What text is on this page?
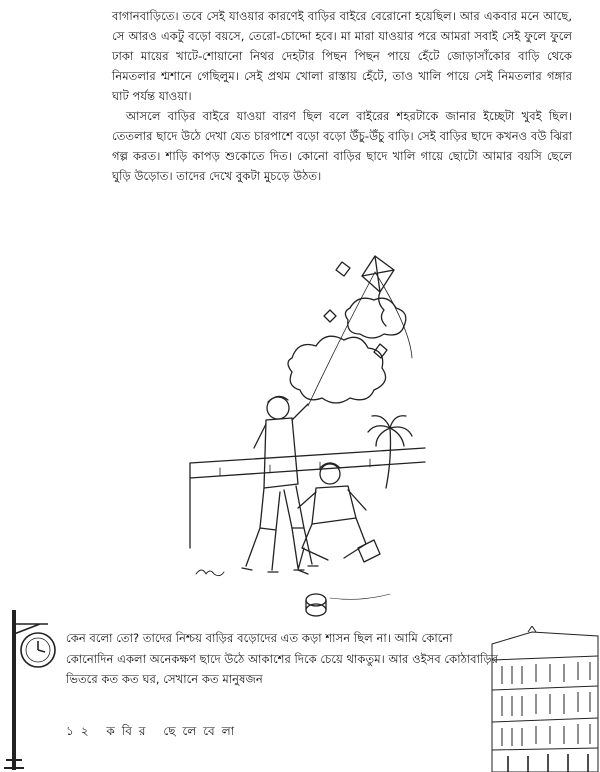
বাগানবাড়িতে। তবে সেই যাওয়ার কারণেই বাড়ির বাইরে বেরোনো হয়েছিল। আর একবার মনে আছে, সে আরও একটু বড়ো বয়সে, তেরো-চোদ্দো হবে। মা মারা যাওয়ার পরে আমরা সবাই সেই ফুলে ফুলে ঢাকা মায়ের খাটে-শোয়ানো নিথর দেহটার পিছন পিছন পায়ে হেঁটে জোড়াসাঁকোর বাড়ি থেকে নিমতলার শ্মশানে গেছিলুম। সেই প্রথম খোলা রাস্তায় হেঁটে, তাও খালি পায়ে সেই নিমতলার গঙ্গার ঘাট পর্যন্ত যাওয়া।

আসলে বাড়ির বাইরে যাওয়া বারণ ছিল বলে বাইরের শহরটাকে জানার ইচ্ছেটা খুবই ছিল। তেতলার ছাদে উঠে দেখা যেত চারপাশে বড়ো বড়ো উঁচু-উঁচু বাড়ি। সেই বাড়ির ছাদে কখনও বউ ঝিরা গল্প করত। শাড়ি কাপড় শুকোতে দিত। কোনো বাড়ির ছাদে খালি গায়ে ছোটো আমার বয়সি ছেলে ঘুড়ি উড়োত। তাদের দেখে বুকটা মুচড়ে উঠত।

কেন বলো তো? তাদের নিশ্চয় বাড়ির বড়োদের এত কড়া শাসন ছিল না। আমি কোনো কোনোদিন একলা অনেকক্ষণ ছাদে উঠে আকাশের দিকে চেয়ে থাকতুম। আর ওইসব কোঠাবাড়ির ভিতরে কত কত ঘর, সেখানে কত মানুষজন

১২ কবির ছেলেবেলা
